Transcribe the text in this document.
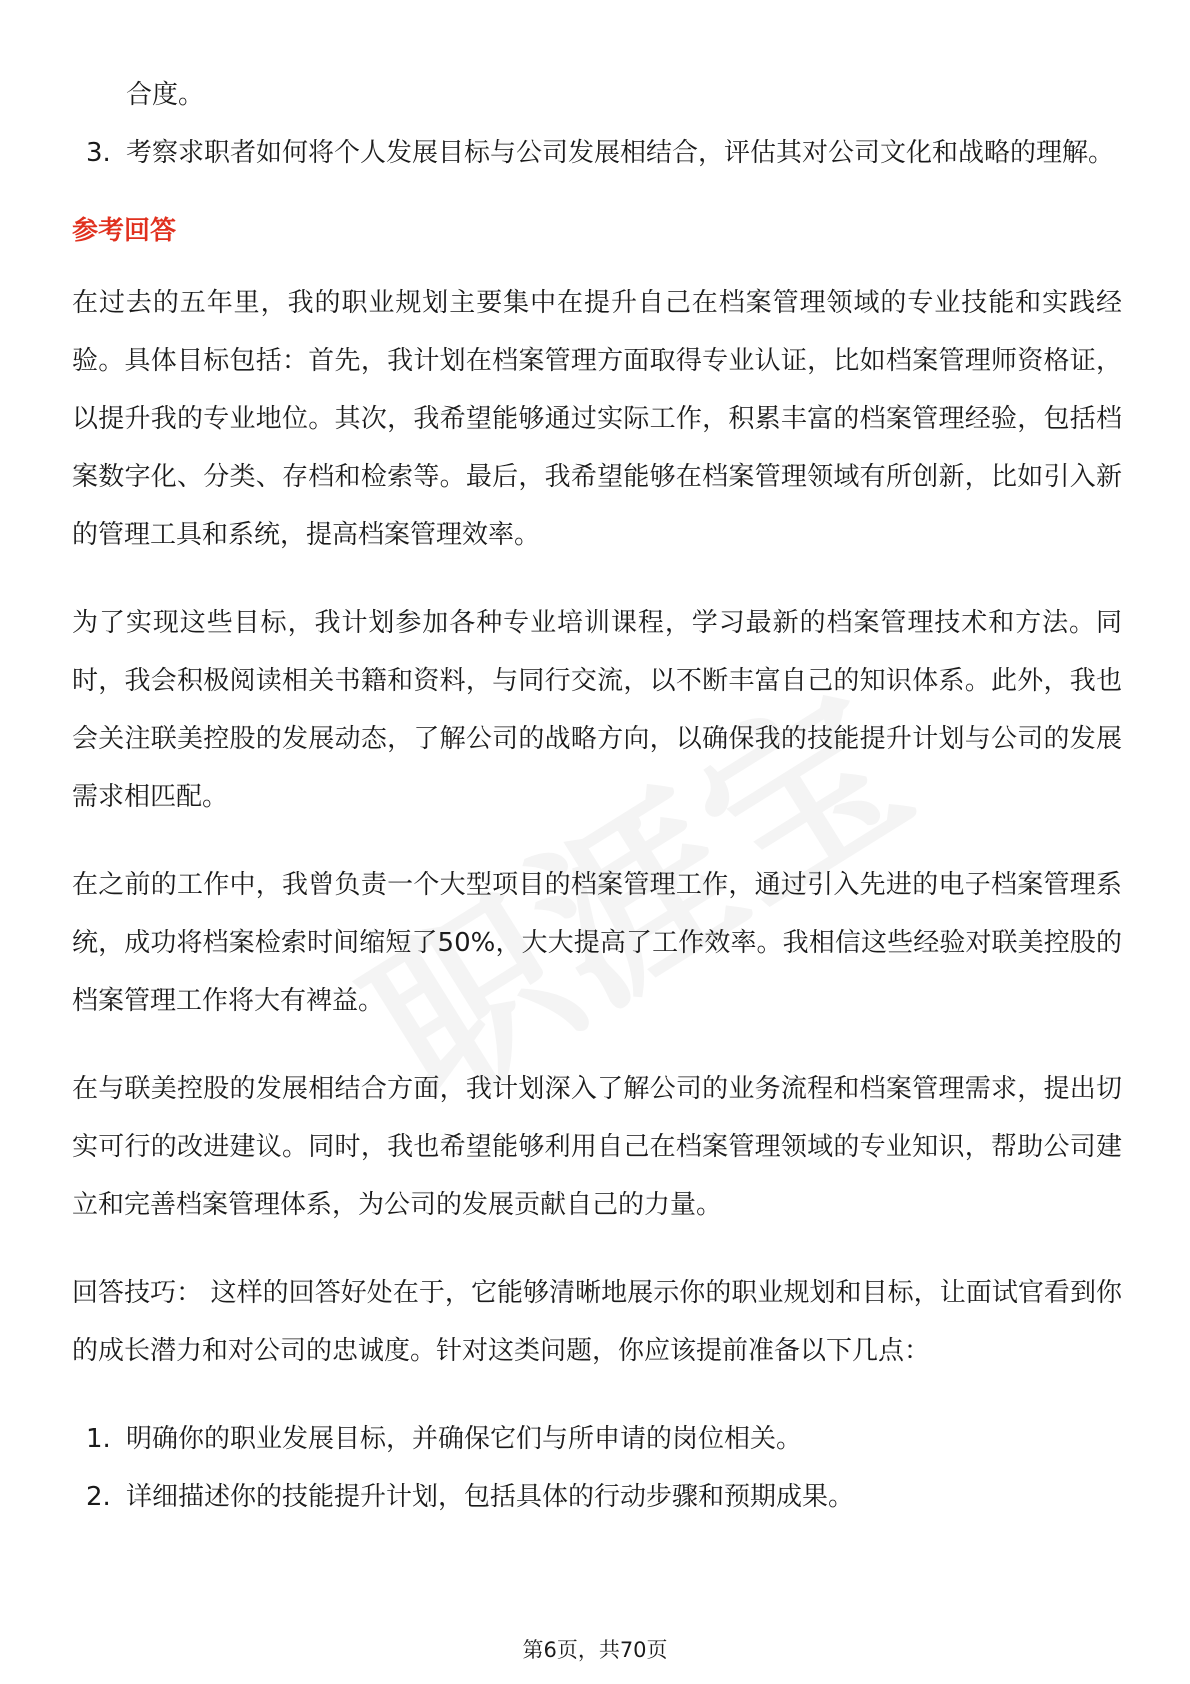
合度。
3. 考察求职者如何将个人发展目标与公司发展相结合，评估其对公司文化和战略的理解。
参考回答

在过去的五年里，我的职业规划主要集中在提升自己在档案管理领域的专业技能和实践经验。具体目标包括：首先，我计划在档案管理方面取得专业认证，比如档案管理师资格证，以提升我的专业地位。其次，我希望能够通过实际工作，积累丰富的档案管理经验，包括档案数字化、分类、存档和检索等。最后，我希望能够在档案管理领域有所创新，比如引入新的管理工具和系统，提高档案管理效率。

为了实现这些目标，我计划参加各种专业培训课程，学习最新的档案管理技术和方法。同时，我会积极阅读相关书籍和资料，与同行交流，以不断丰富自己的知识体系。此外，我也会关注联美控股的发展动态，了解公司的战略方向，以确保我的技能提升计划与公司的发展需求相匹配。

在之前的工作中，我曾负责一个大型项目的档案管理工作，通过引入先进的电子档案管理系统，成功将档案检索时间缩短了50%，大大提高了工作效率。我相信这些经验对联美控股的档案管理工作将大有裨益。

在与联美控股的发展相结合方面，我计划深入了解公司的业务流程和档案管理需求，提出切实可行的改进建议。同时，我也希望能够利用自己在档案管理领域的专业知识，帮助公司建立和完善档案管理体系，为公司的发展贡献自己的力量。

回答技巧： 这样的回答好处在于，它能够清晰地展示你的职业规划和目标，让面试官看到你的成长潜力和对公司的忠诚度。针对这类问题，你应该提前准备以下几点：

1. 明确你的职业发展目标，并确保它们与所申请的岗位相关。
2. 详细描述你的技能提升计划，包括具体的行动步骤和预期成果。
第6页，共70页
